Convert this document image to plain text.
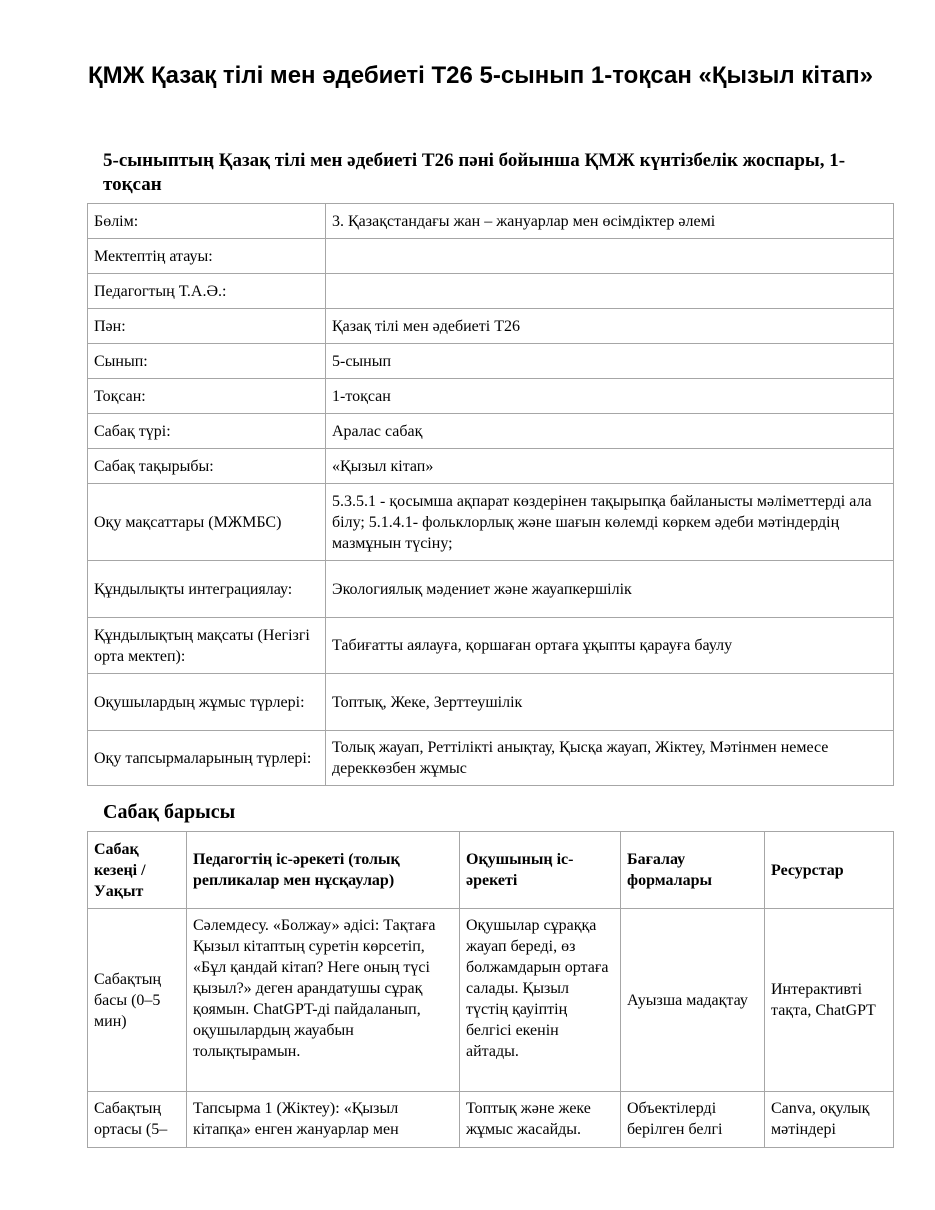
ҚМЖ Қазақ тілі мен әдебиеті Т26 5-сынып 1-тоқсан «Қызыл кітап»
5-сыныптың Қазақ тілі мен әдебиеті Т26 пәні бойынша ҚМЖ күнтізбелік жоспары, 1-тоқсан
Бөлім:	3. Қазақстандағы жан – жануарлар мен өсімдіктер әлемі
Мектептің атауы:	
Педагогтың Т.А.Ә.:	
Пән:	Қазақ тілі мен әдебиеті Т26
Сынып:	5-сынып
Тоқсан:	1-тоқсан
Сабақ түрі:	Аралас сабақ
Сабақ тақырыбы:	«Қызыл кітап»
Оқу мақсаттары (МЖМБС)	5.3.5.1 - қосымша ақпарат көздерінен тақырыпқа байланысты мәліметтерді ала білу; 5.1.4.1- фольклорлық және шағын көлемді көркем әдеби мәтіндердің мазмұнын түсіну;
Құндылықты интеграциялау:	Экологиялық мәдениет және жауапкершілік
Құндылықтың мақсаты (Негізгі орта мектеп):	Табиғатты аялауға, қоршаған ортаға ұқыпты қарауға баулу
Оқушылардың жұмыс түрлері:	Топтық, Жеке, Зерттеушілік
Оқу тапсырмаларының түрлері:	Толық жауап, Реттілікті анықтау, Қысқа жауап, Жіктеу, Мәтінмен немесе дереккөзбен жұмыс
Сабақ барысы
Сабақ кезеңі / Уақыт	Педагогтің іс-әрекеті (толық репликалар мен нұсқаулар)	Оқушының іс-әрекеті	Бағалау формалары	Ресурстар
Сабақтың басы (0–5 мин)	Сәлемдесу. «Болжау» әдісі: Тақтаға Қызыл кітаптың суретін көрсетіп, «Бұл қандай кітап? Неге оның түсі қызыл?» деген арандатушы сұрақ қоямын. ChatGPT-ді пайдаланып, оқушылардың жауабын толықтырамын.	Оқушылар сұраққа жауап береді, өз болжамдарын ортаға салады. Қызыл түстің қауіптің белгісі екенін айтады.	Ауызша мадақтау	Интерактивті тақта, ChatGPT
Сабақтың ортасы (5–	Тапсырма 1 (Жіктеу): «Қызыл кітапқа» енген жануарлар мен	Топтық және жеке жұмыс жасайды.	Объектілерді берілген белгі	Canva, оқулық мәтіндері
